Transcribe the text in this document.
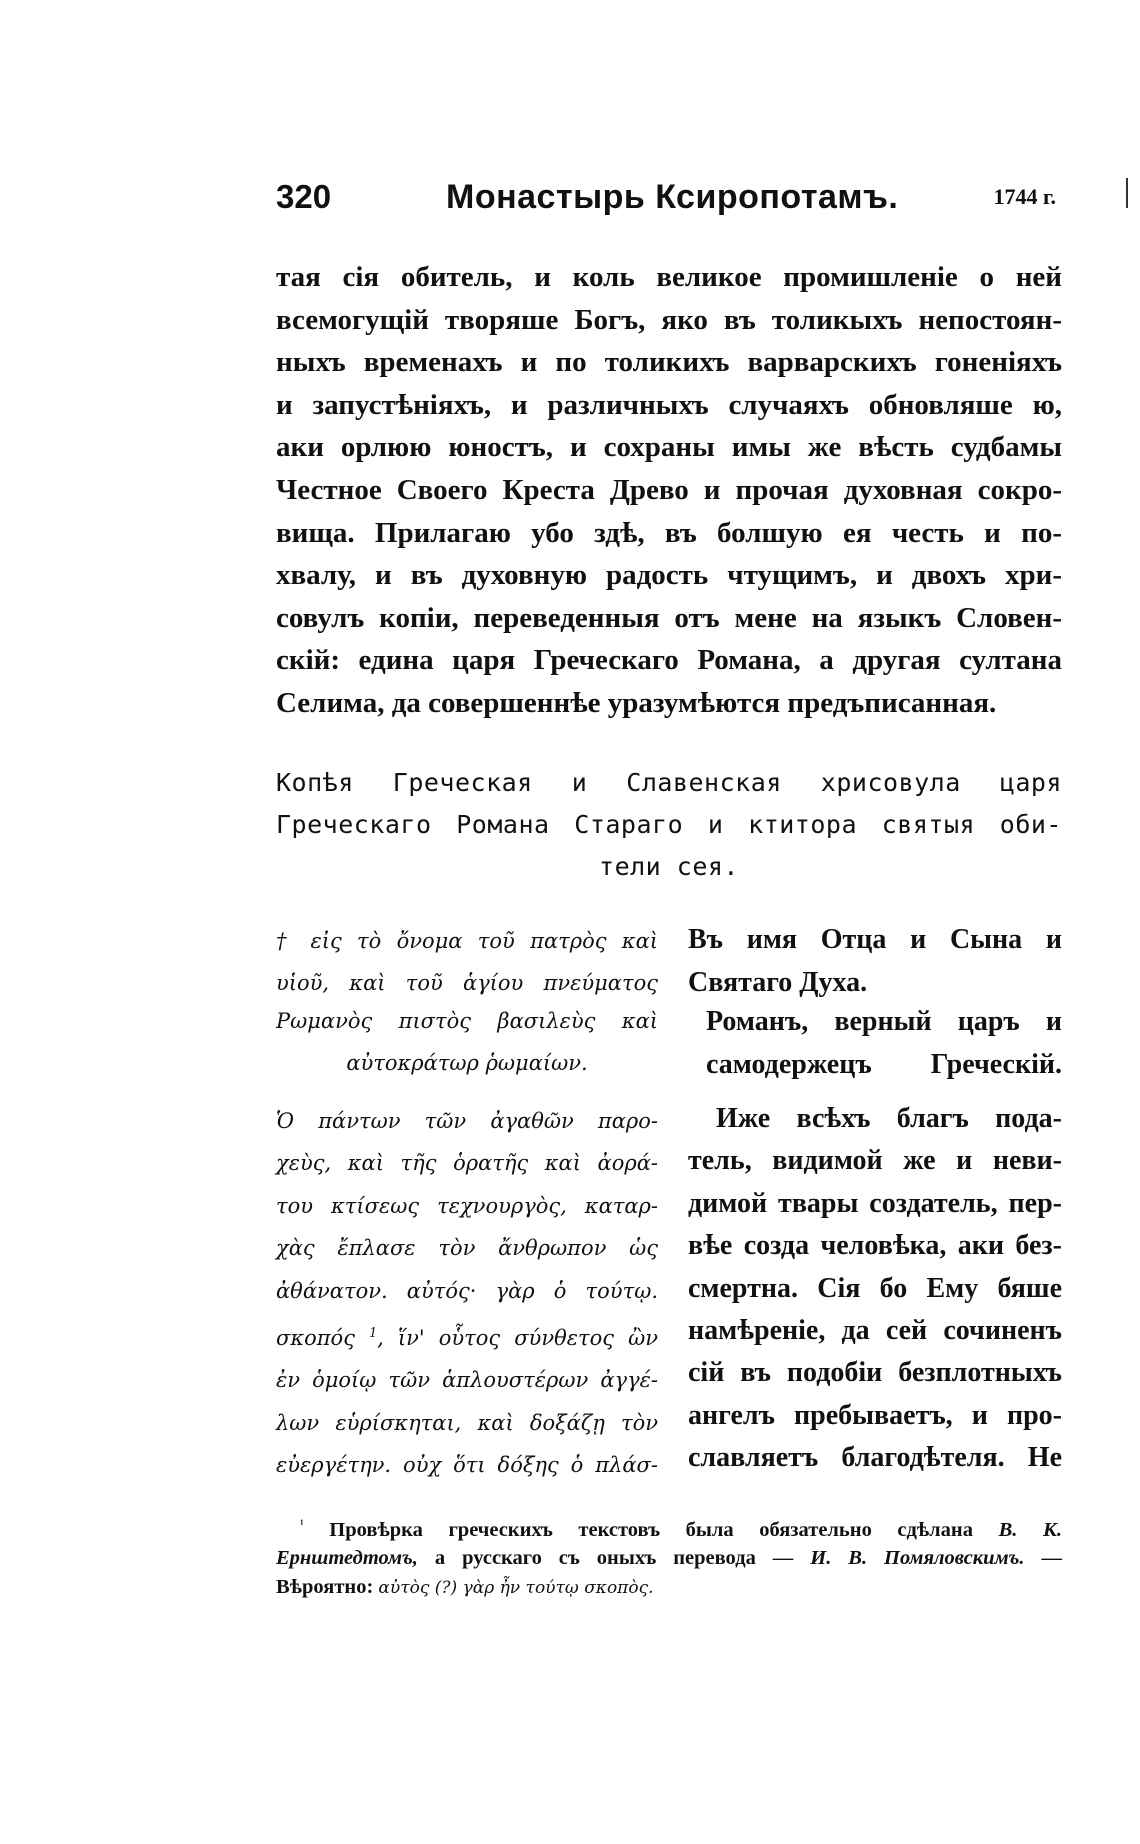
320	Монастырь Ксиропотамъ.	1744 г.

тая сія обитель, и коль великое промишленіе о ней
всемогущій творяше Богъ, яко въ толикыхъ непостоян-
ныхъ временахъ и по толикихъ варварскихъ гоненіяхъ
и запустѣніяхъ, и различныхъ случаяхъ обновляше ю,
аки орлюю юностъ, и сохраны имы же вѣсть судбамы
Честное Своего Креста Древо и прочая духовная сокро-
вища. Прилагаю убо здѣ, въ болшую ея честь и по-
хвалу, и въ духовную радость чтущимъ, и двохъ хри-
совулъ копіи, переведенныя отъ мене на языкъ Словен-
скій: едина царя Греческаго Романа, а другая султана
Селима, да совершеннѣе уразумѣются предъписанная.

Копѣя Греческая и Славенская хрисовула царя
Греческаго Романа Стараго и ктитора святыя оби-
тели сея.
† εἰς τὸ ὄνομα τοῦ πατρὸς καὶ
υἱοῦ, καὶ τοῦ ἁγίου πνεύματος
Ρωμανὸς πιστὸς βασιλεὺς καὶ
αὐτοκράτωρ ῥωμαίων.
Ὁ πάντων τῶν ἀγαθῶν παρο-
χεὺς, καὶ τῆς ὁρατῆς καὶ ἀορά-
του κτίσεως τεχνουργὸς, καταρ-
χὰς ἔπλασε τὸν ἄνθρωπον ὡς
ἀθάνατον. αὐτός· γὰρ ὁ τούτῳ.
σκοπός $^1$, ἵν' οὗτος σύνθετος ὢν
ἐν ὁμοίῳ τῶν ἁπλουστέρων ἀγγέ-
λων εὑρίσκηται, καὶ δοξάζῃ τὸν
εὐεργέτην. οὐχ ὅτι δόξης ὁ πλάσ-
Въ имя Отца и Сына и
Святаго Духа.
Романъ, верный царъ и
самодержецъ Греческій.
Иже всѣхъ благъ пода-
тель, видимой же и неви-
димой твары создатель, пер-
вѣе созда человѣка, аки без-
смертна. Сія бо Ему бяше
намѣреніе, да сей сочиненъ
сій въ подобіи безплотныхъ
ангелъ пребываетъ, и про-
славляетъ благодѣтеля. Не
$^{^1}$ Провѣрка греческихъ текстовъ была обязательно сдѣлана В. К.
Ернштедтомъ, а русскаго съ оныхъ перевода — И. В. Помяловскимъ. —
Вѣроятно: αὐτὸς (?) γὰρ ἦν τούτῳ σκοπὸς.
